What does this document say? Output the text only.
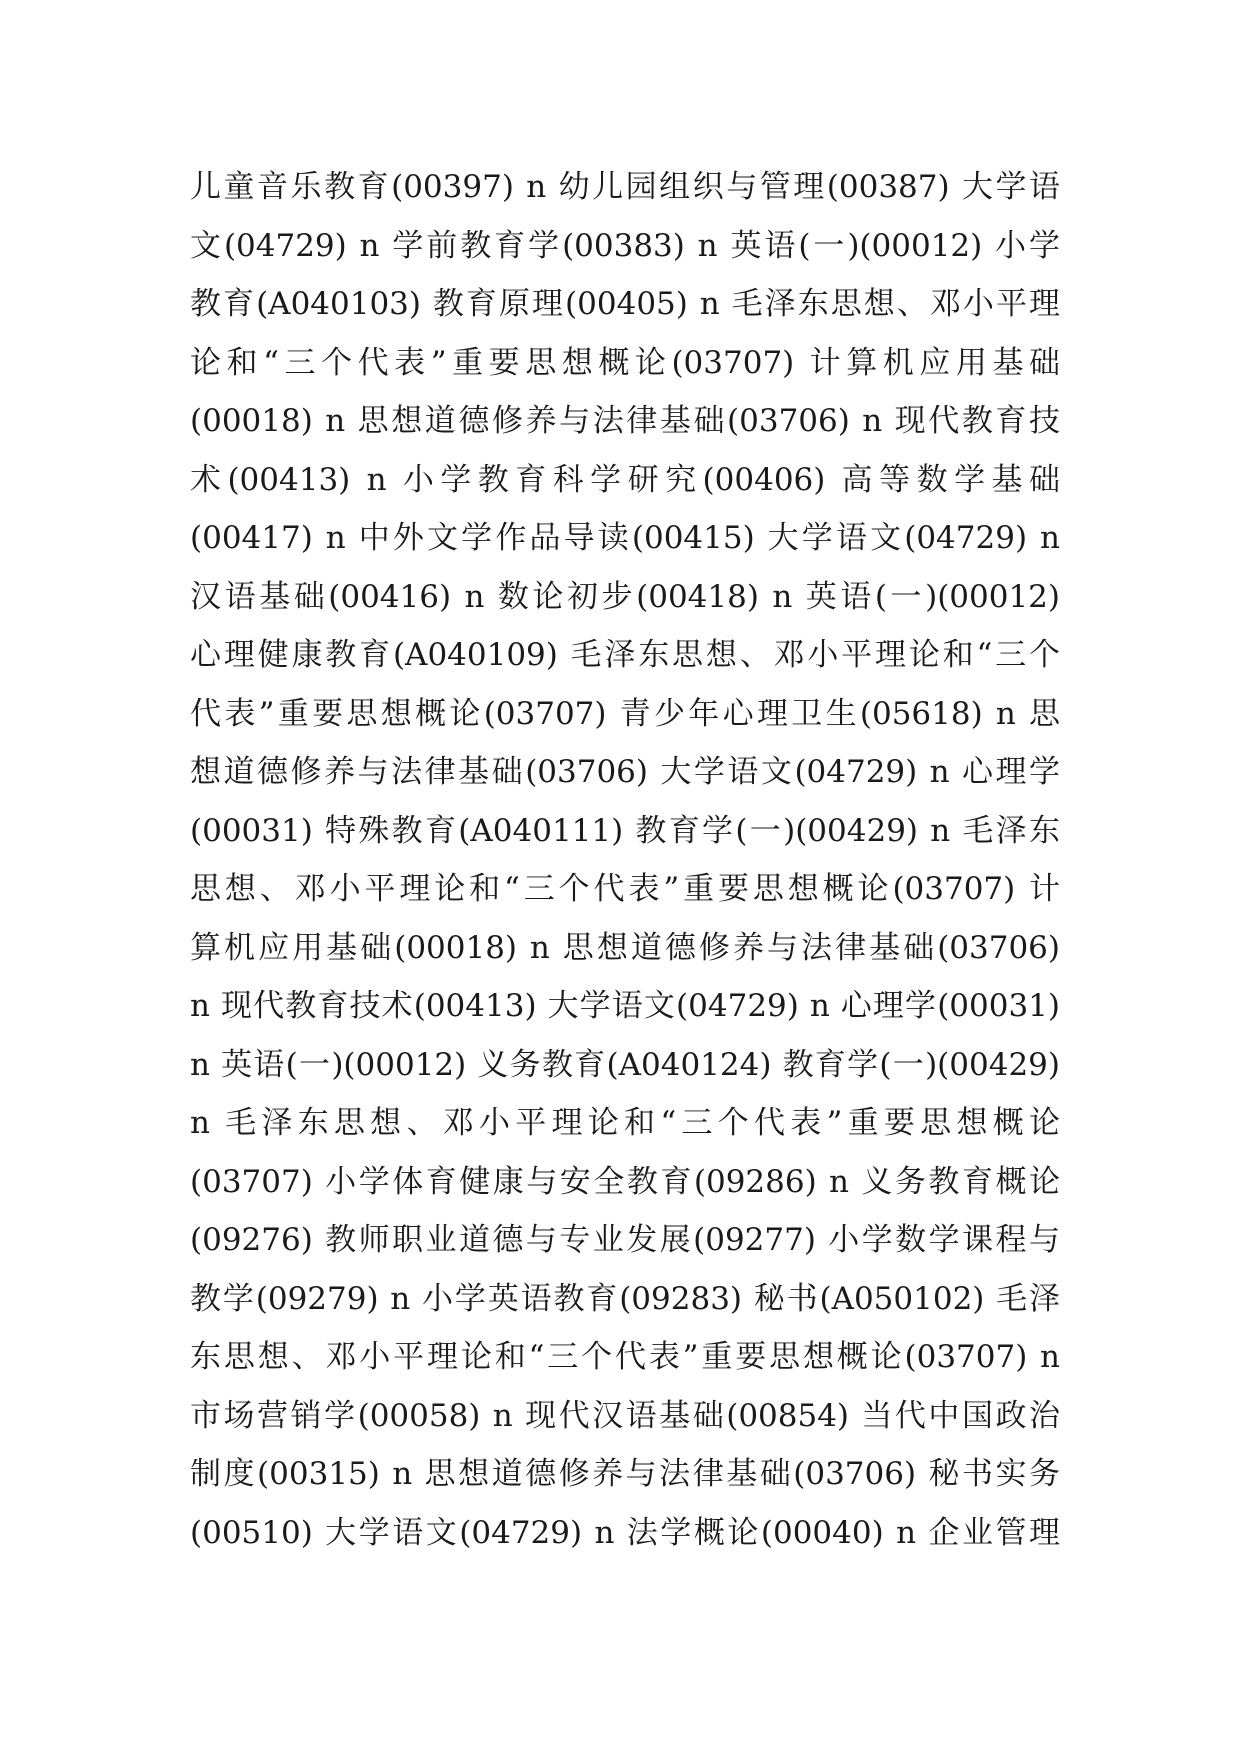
儿童音乐教育(00397) n 幼儿园组织与管理(00387) 大学语
文(04729) n 学前教育学(00383) n 英语(一)(00012) 小学
教育(A040103) 教育原理(00405) n 毛泽东思想、邓小平理
论和“三个代表”重要思想概论(03707) 计算机应用基础
(00018) n 思想道德修养与法律基础(03706) n 现代教育技
术(00413) n 小学教育科学研究(00406) 高等数学基础
(00417) n 中外文学作品导读(00415) 大学语文(04729) n
汉语基础(00416) n 数论初步(00418) n 英语(一)(00012)
心理健康教育(A040109) 毛泽东思想、邓小平理论和“三个
代表”重要思想概论(03707) 青少年心理卫生(05618) n 思
想道德修养与法律基础(03706) 大学语文(04729) n 心理学
(00031) 特殊教育(A040111) 教育学(一)(00429) n 毛泽东
思想、邓小平理论和“三个代表”重要思想概论(03707) 计
算机应用基础(00018) n 思想道德修养与法律基础(03706)
n 现代教育技术(00413) 大学语文(04729) n 心理学(00031)
n 英语(一)(00012) 义务教育(A040124) 教育学(一)(00429)
n 毛泽东思想、邓小平理论和“三个代表”重要思想概论
(03707) 小学体育健康与安全教育(09286) n 义务教育概论
(09276) 教师职业道德与专业发展(09277) 小学数学课程与
教学(09279) n 小学英语教育(09283) 秘书(A050102) 毛泽
东思想、邓小平理论和“三个代表”重要思想概论(03707) n
市场营销学(00058) n 现代汉语基础(00854) 当代中国政治
制度(00315) n 思想道德修养与法律基础(03706) 秘书实务
(00510) 大学语文(04729) n 法学概论(00040) n 企业管理
